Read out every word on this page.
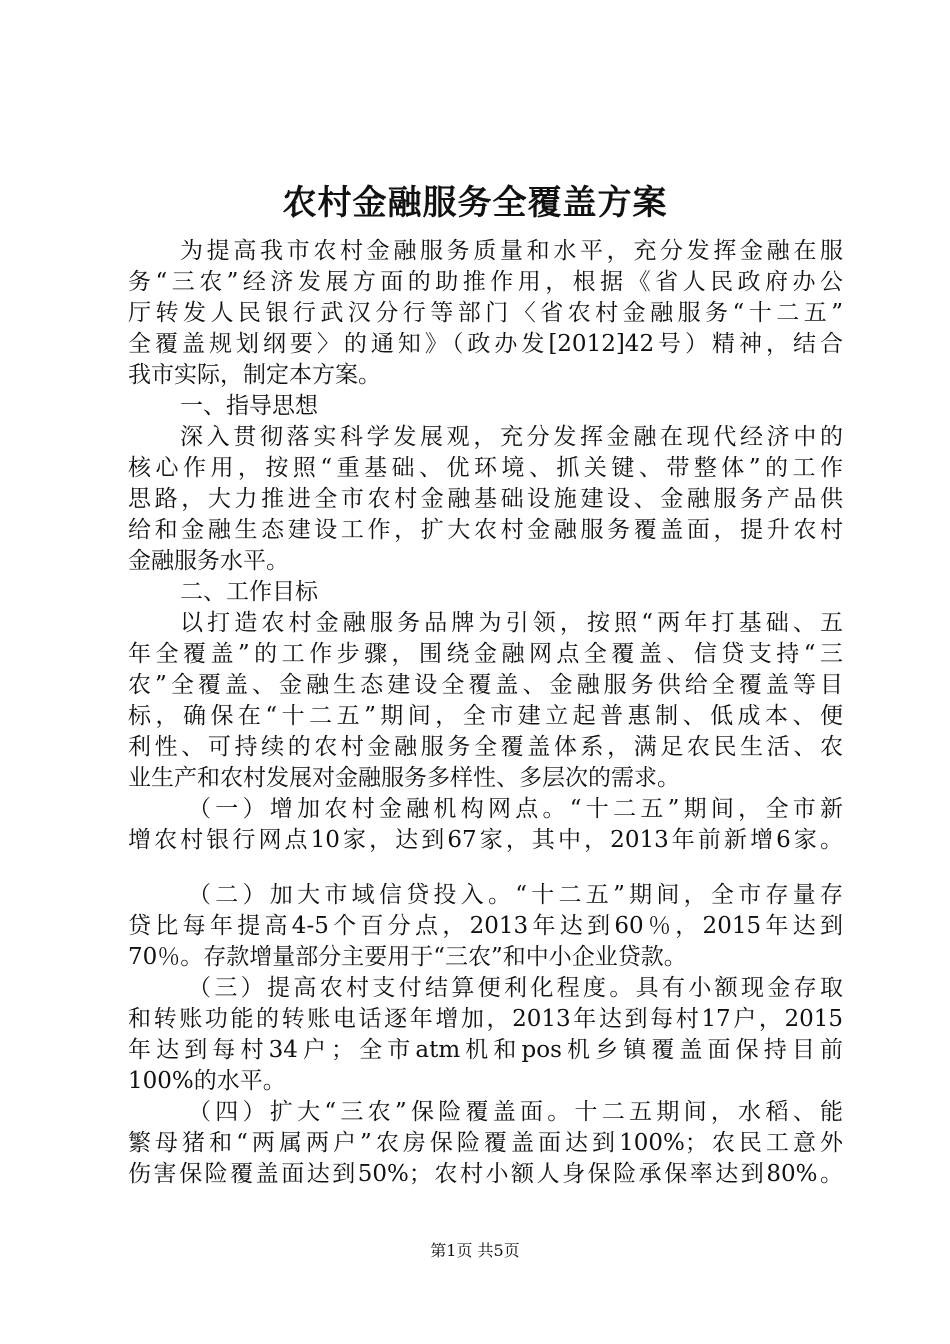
农村金融服务全覆盖方案
为提高我市农村金融服务质量和水平，充分发挥金融在服
务“三农”经济发展方面的助推作用，根据《省人民政府办公
厅转发人民银行武汉分行等部门〈省农村金融服务“十二五”
全覆盖规划纲要〉的通知》（政办发[2012]42号）精神，结合
我市实际，制定本方案。
一、指导思想
深入贯彻落实科学发展观，充分发挥金融在现代经济中的
核心作用，按照“重基础、优环境、抓关键、带整体”的工作
思路，大力推进全市农村金融基础设施建设、金融服务产品供
给和金融生态建设工作，扩大农村金融服务覆盖面，提升农村
金融服务水平。
二、工作目标
以打造农村金融服务品牌为引领，按照“两年打基础、五
年全覆盖”的工作步骤，围绕金融网点全覆盖、信贷支持“三
农”全覆盖、金融生态建设全覆盖、金融服务供给全覆盖等目
标，确保在“十二五”期间，全市建立起普惠制、低成本、便
利性、可持续的农村金融服务全覆盖体系，满足农民生活、农
业生产和农村发展对金融服务多样性、多层次的需求。
（一）增加农村金融机构网点。“十二五”期间，全市新
增农村银行网点10家，达到67家，其中，2013年前新增6家。
（二）加大市域信贷投入。“十二五”期间，全市存量存
贷比每年提高4-5个百分点，2013年达到60％，2015年达到
70％。存款增量部分主要用于“三农”和中小企业贷款。
（三）提高农村支付结算便利化程度。具有小额现金存取
和转账功能的转账电话逐年增加，2013年达到每村17户，2015
年达到每村34户；全市atm机和pos机乡镇覆盖面保持目前
100%的水平。
（四）扩大“三农”保险覆盖面。十二五期间，水稻、能
繁母猪和“两属两户”农房保险覆盖面达到100%；农民工意外
伤害保险覆盖面达到50%；农村小额人身保险承保率达到80%。
第1页 共5页
